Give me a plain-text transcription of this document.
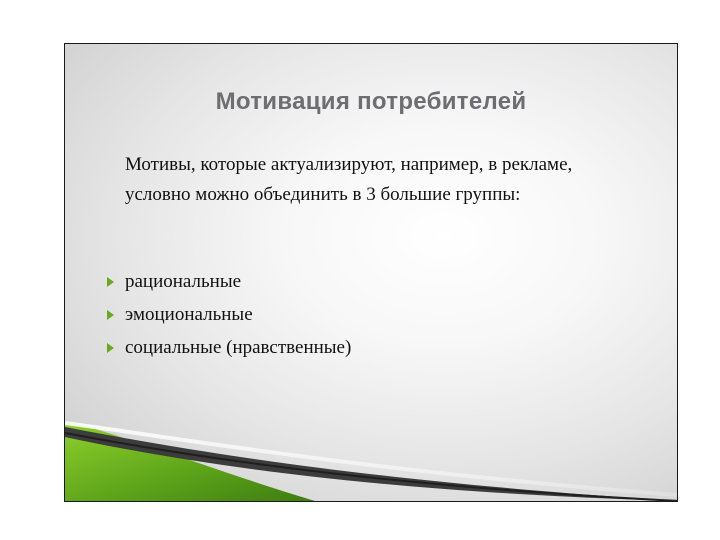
Мотивация потребителей

Мотивы, которые актуализируют, например, в рекламе, условно можно объединить в 3 большие группы:

рациональные
эмоциональные
социальные (нравственные)
